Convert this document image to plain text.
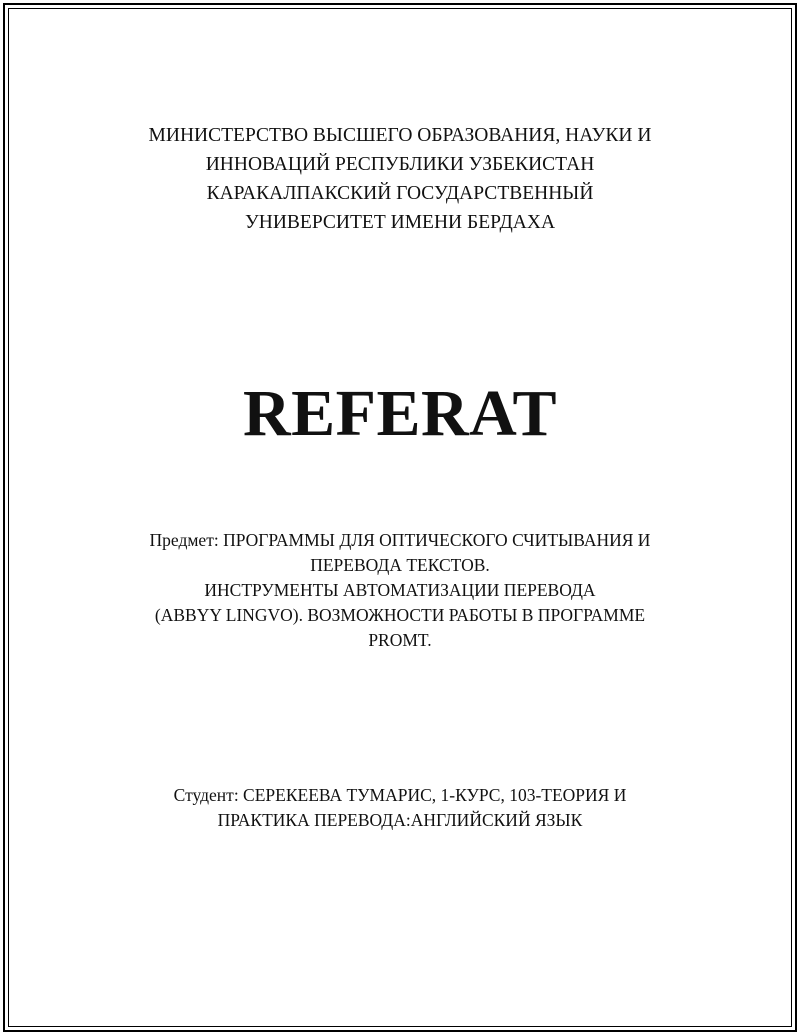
МИНИСТЕРСТВО ВЫСШЕГО ОБРАЗОВАНИЯ, НАУКИ И
ИННОВАЦИЙ РЕСПУБЛИКИ УЗБЕКИСТАН
КАРАКАЛПАКСКИЙ ГОСУДАРСТВЕННЫЙ
УНИВЕРСИТЕТ ИМЕНИ БЕРДАХА
REFERAT
Предмет: ПРОГРАММЫ ДЛЯ ОПТИЧЕСКОГО СЧИТЫВАНИЯ И
ПЕРЕВОДА ТЕКСТОВ.
ИНСТРУМЕНТЫ АВТОМАТИЗАЦИИ ПЕРЕВОДА
(ABBYY LINGVO). ВОЗМОЖНОСТИ РАБОТЫ В ПРОГРАММЕ
PROMT.
Студент: СЕРЕКЕЕВА ТУМАРИС, 1-КУРС, 103-ТЕОРИЯ И
ПРАКТИКА ПЕРЕВОДА:АНГЛИЙСКИЙ ЯЗЫК
